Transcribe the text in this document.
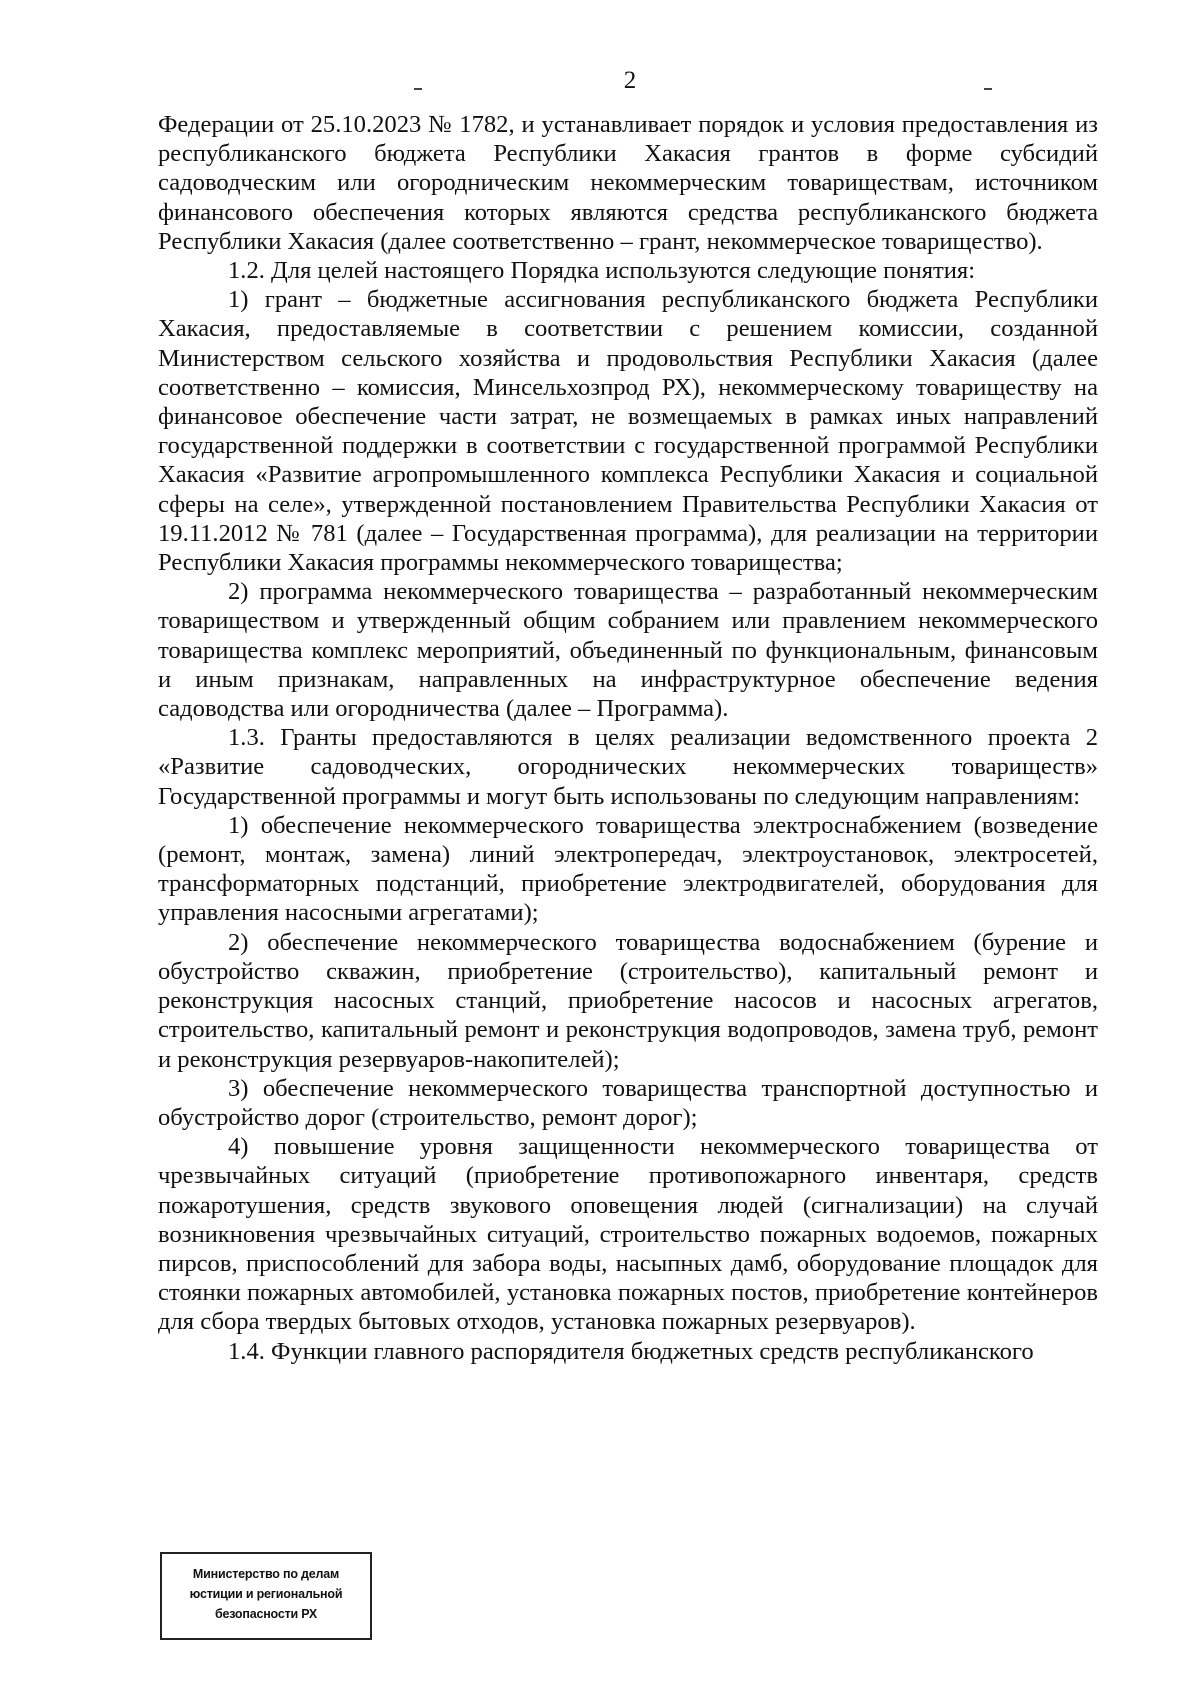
2

Федерации от 25.10.2023 № 1782, и устанавливает порядок и условия предоставления из республиканского бюджета Республики Хакасия грантов в форме субсидий садоводческим или огородническим некоммерческим товариществам, источником финансового обеспечения которых являются средства республиканского бюджета Республики Хакасия (далее соответственно – грант, некоммерческое товарищество).

1.2. Для целей настоящего Порядка используются следующие понятия:

1) грант – бюджетные ассигнования республиканского бюджета Республики Хакасия, предоставляемые в соответствии с решением комиссии, созданной Министерством сельского хозяйства и продовольствия Республики Хакасия (далее соответственно – комиссия, Минсельхозпрод РХ), некоммерческому товариществу на финансовое обеспечение части затрат, не возмещаемых в рамках иных направлений государственной поддержки в соответствии с государственной программой Республики Хакасия «Развитие агропромышленного комплекса Республики Хакасия и социальной сферы на селе», утвержденной постановлением Правительства Республики Хакасия от 19.11.2012 № 781 (далее – Государственная программа), для реализации на территории Республики Хакасия программы некоммерческого товарищества;

2) программа некоммерческого товарищества – разработанный некоммерческим товариществом и утвержденный общим собранием или правлением некоммерческого товарищества комплекс мероприятий, объединенный по функциональным, финансовым и иным признакам, направленных на инфраструктурное обеспечение ведения садоводства или огородничества (далее – Программа).

1.3. Гранты предоставляются в целях реализации ведомственного проекта 2 «Развитие садоводческих, огороднических некоммерческих товариществ» Государственной программы и могут быть использованы по следующим направлениям:

1) обеспечение некоммерческого товарищества электроснабжением (возведение (ремонт, монтаж, замена) линий электропередач, электроустановок, электросетей, трансформаторных подстанций, приобретение электродвигателей, оборудования для управления насосными агрегатами);

2) обеспечение некоммерческого товарищества водоснабжением (бурение и обустройство скважин, приобретение (строительство), капитальный ремонт и реконструкция насосных станций, приобретение насосов и насосных агрегатов, строительство, капитальный ремонт и реконструкция водопроводов, замена труб, ремонт и реконструкция резервуаров-накопителей);

3) обеспечение некоммерческого товарищества транспортной доступностью и обустройство дорог (строительство, ремонт дорог);

4) повышение уровня защищенности некоммерческого товарищества от чрезвычайных ситуаций (приобретение противопожарного инвентаря, средств пожаротушения, средств звукового оповещения людей (сигнализации) на случай возникновения чрезвычайных ситуаций, строительство пожарных водоемов, пожарных пирсов, приспособлений для забора воды, насыпных дамб, оборудование площадок для стоянки пожарных автомобилей, установка пожарных постов, приобретение контейнеров для сбора твердых бытовых отходов, установка пожарных резервуаров).

1.4. Функции главного распорядителя бюджетных средств республиканского

Министерство по делам
юстиции и региональной
безопасности РХ
